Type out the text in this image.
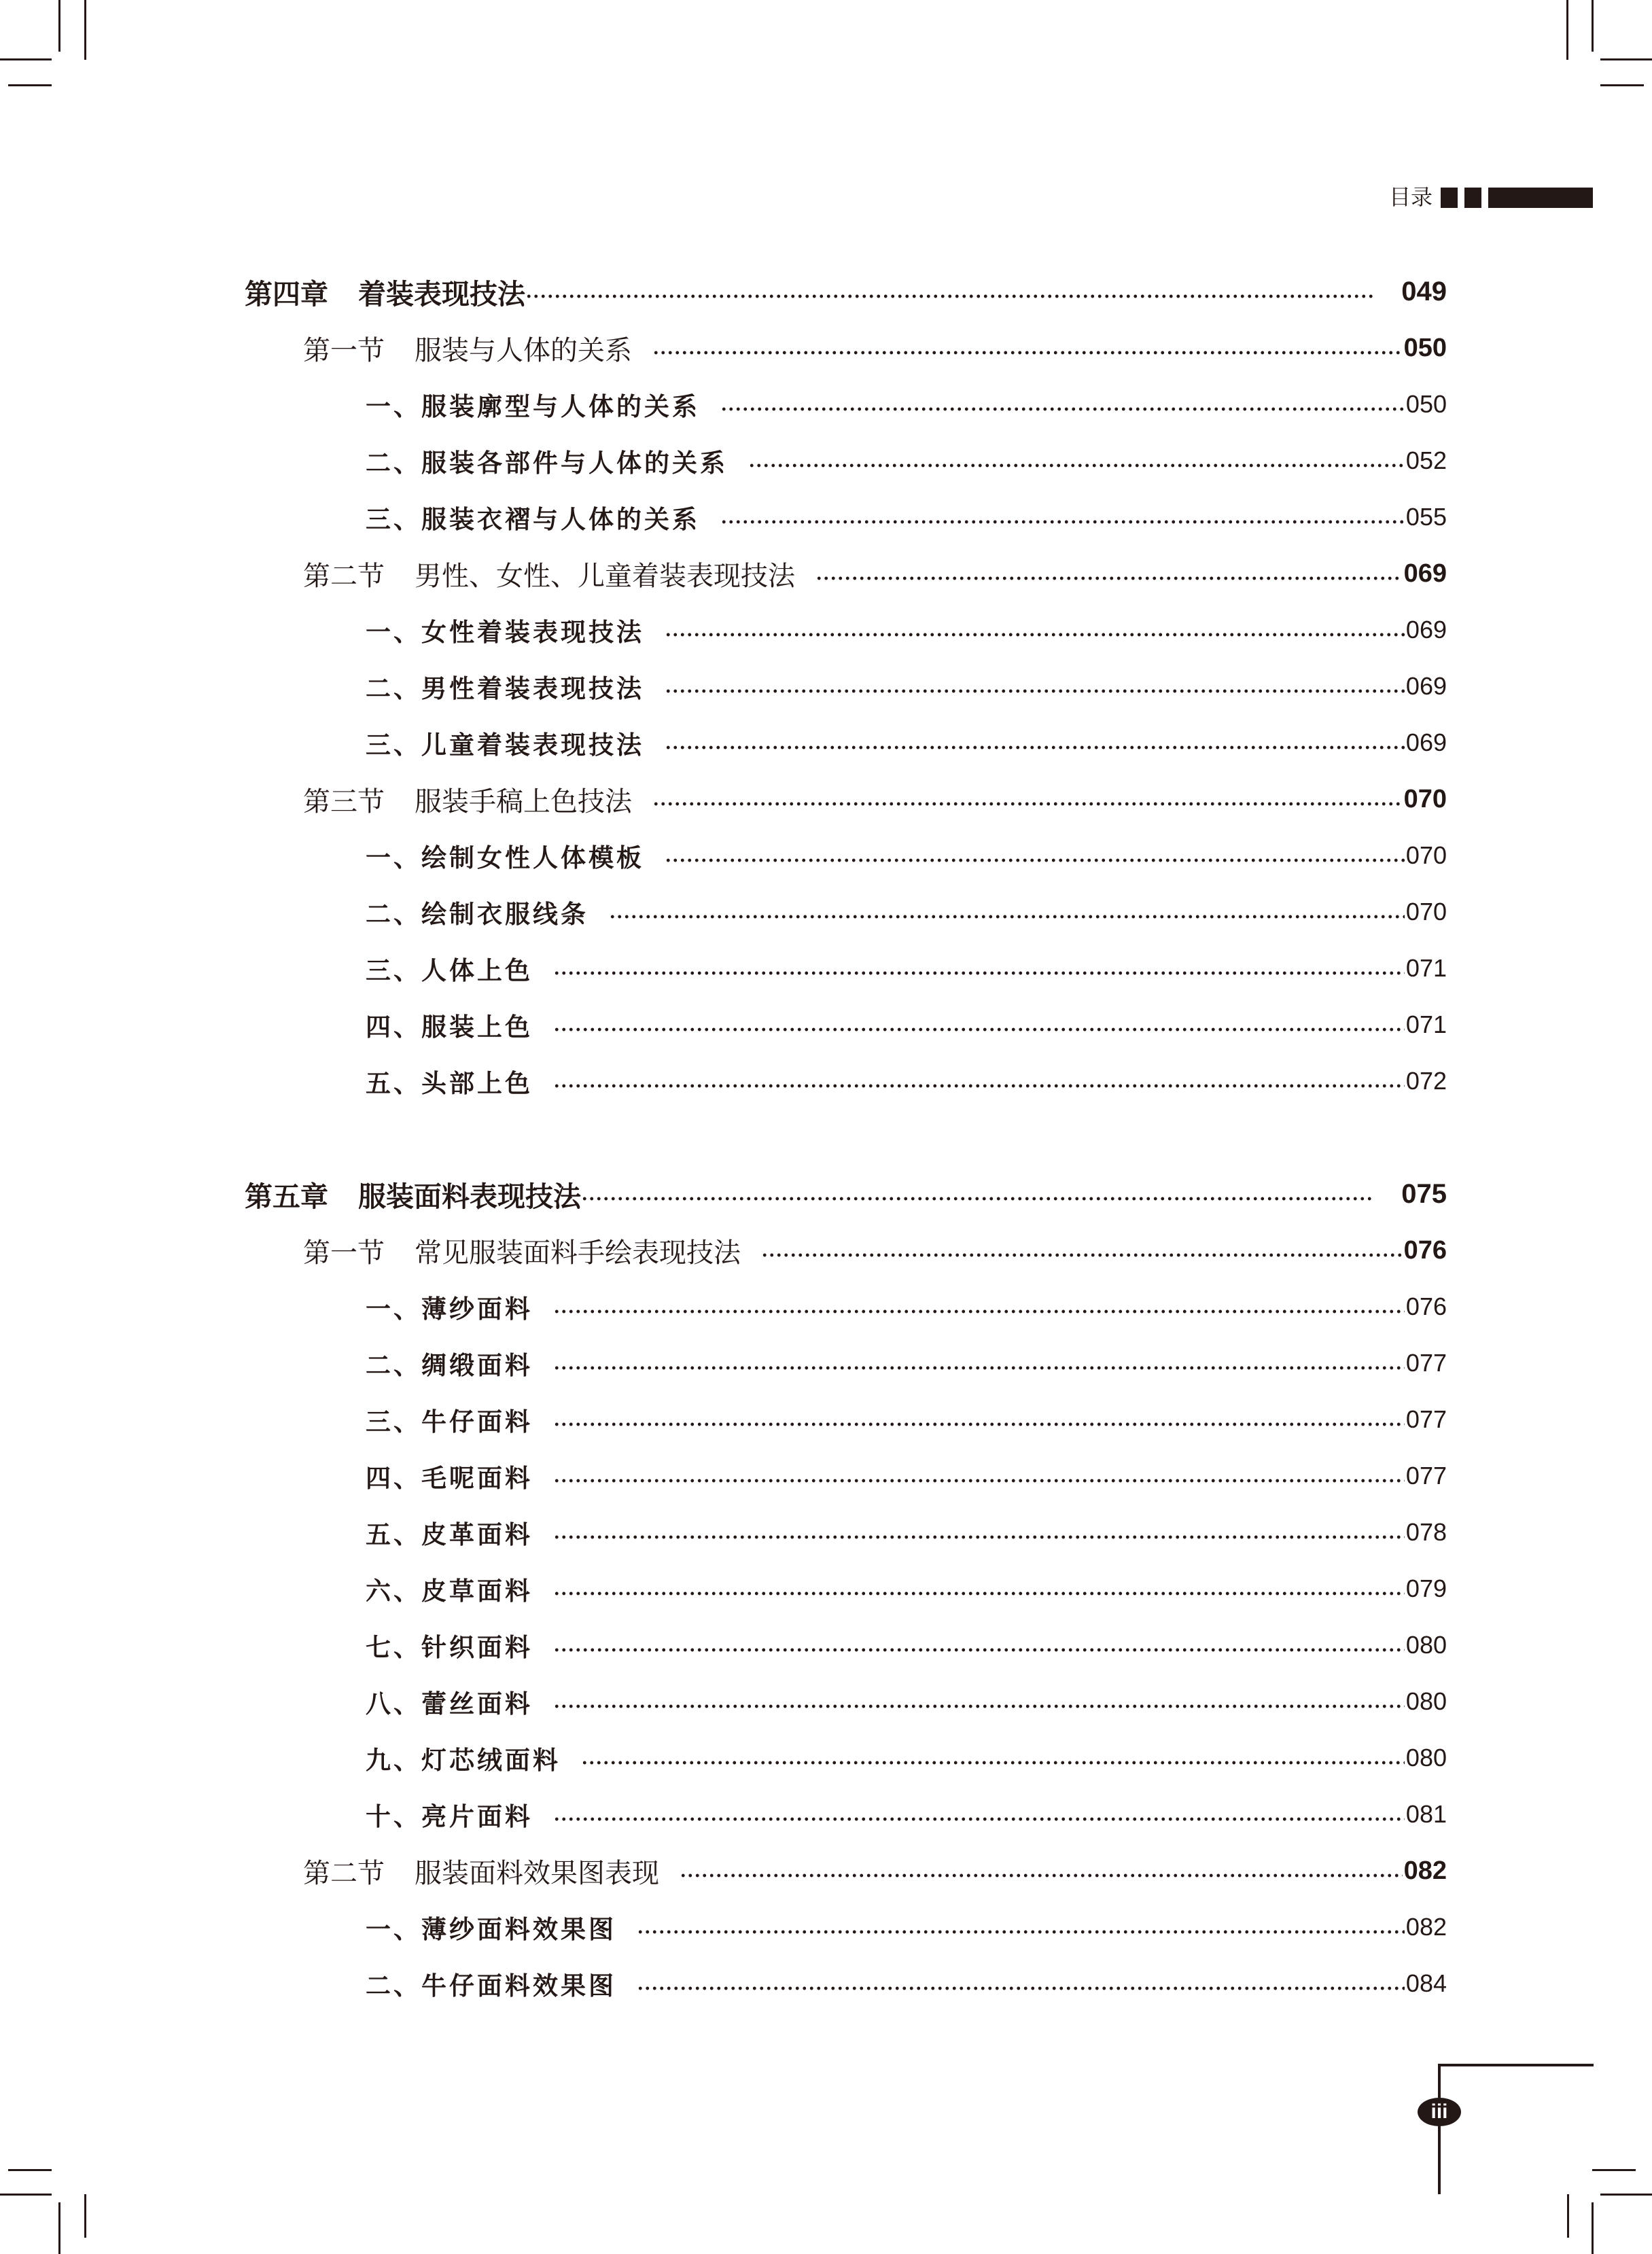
目录
第四章 着装表现技法	049
第一节 服装与人体的关系	050
一、服装廓型与人体的关系	050
二、服装各部件与人体的关系	052
三、服装衣褶与人体的关系	055
第二节 男性、女性、儿童着装表现技法	069
一、女性着装表现技法	069
二、男性着装表现技法	069
三、儿童着装表现技法	069
第三节 服装手稿上色技法	070
一、绘制女性人体模板	070
二、绘制衣服线条	070
三、人体上色	071
四、服装上色	071
五、头部上色	072
第五章 服装面料表现技法	075
第一节 常见服装面料手绘表现技法	076
一、薄纱面料	076
二、绸缎面料	077
三、牛仔面料	077
四、毛呢面料	077
五、皮革面料	078
六、皮草面料	079
七、针织面料	080
八、蕾丝面料	080
九、灯芯绒面料	080
十、亮片面料	081
第二节 服装面料效果图表现	082
一、薄纱面料效果图	082
二、牛仔面料效果图	084
iii
